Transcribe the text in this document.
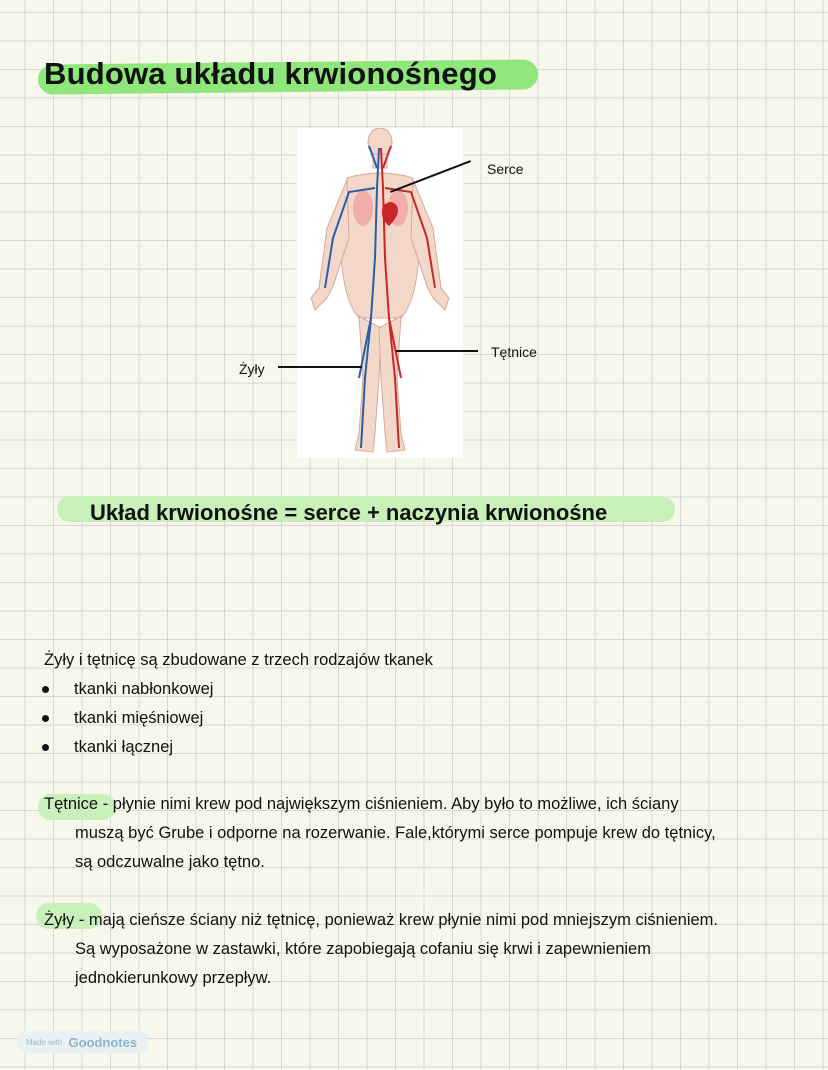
Budowa układu krwionośnego
Serce
Tętnice
Żyły
Układ krwionośne = serce + naczynia krwionośne
Żyły i tętnicę są zbudowane z trzech rodzajów tkanek
tkanki nabłonkowej
tkanki mięśniowej
tkanki łącznej
Tętnice - płynie nimi krew pod największym ciśnieniem. Aby było to możliwe, ich ściany
muszą być Grube i odporne na rozerwanie. Fale,którymi serce pompuje krew do tętnicy,
są odczuwalne jako tętno.
Żyły - mają cieńsze ściany niż tętnicę, ponieważ krew płynie nimi pod mniejszym ciśnieniem.
Są wyposażone w zastawki, które zapobiegają cofaniu się krwi i zapewnieniem
jednokierunkowy przepływ.
Made with Goodnotes
